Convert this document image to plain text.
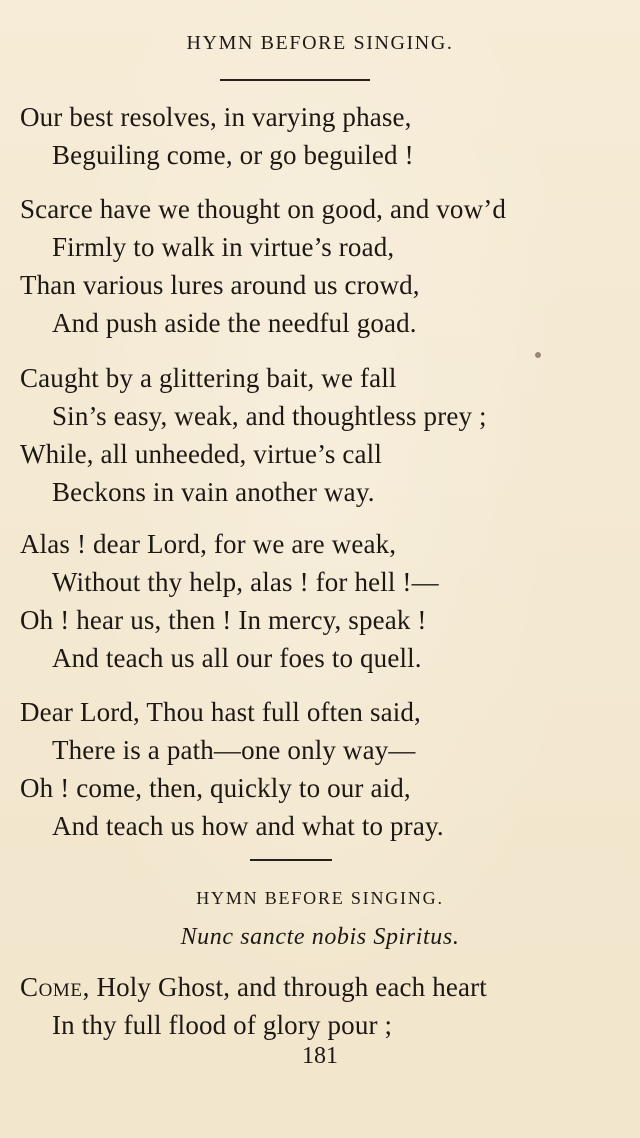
HYMN BEFORE SINGING.
Our best resolves, in varying phase,
Beguiling come, or go beguiled !
Scarce have we thought on good, and vow’d
Firmly to walk in virtue’s road,
Than various lures around us crowd,
And push aside the needful goad.
Caught by a glittering bait, we fall
Sin’s easy, weak, and thoughtless prey ;
While, all unheeded, virtue’s call
Beckons in vain another way.
Alas ! dear Lord, for we are weak,
Without thy help, alas ! for hell !—
Oh ! hear us, then ! In mercy, speak !
And teach us all our foes to quell.
Dear Lord, Thou hast full often said,
There is a path—one only way—
Oh ! come, then, quickly to our aid,
And teach us how and what to pray.
HYMN BEFORE SINGING.
Nunc sancte nobis Spiritus.
Come, Holy Ghost, and through each heart
In thy full flood of glory pour ;
181
